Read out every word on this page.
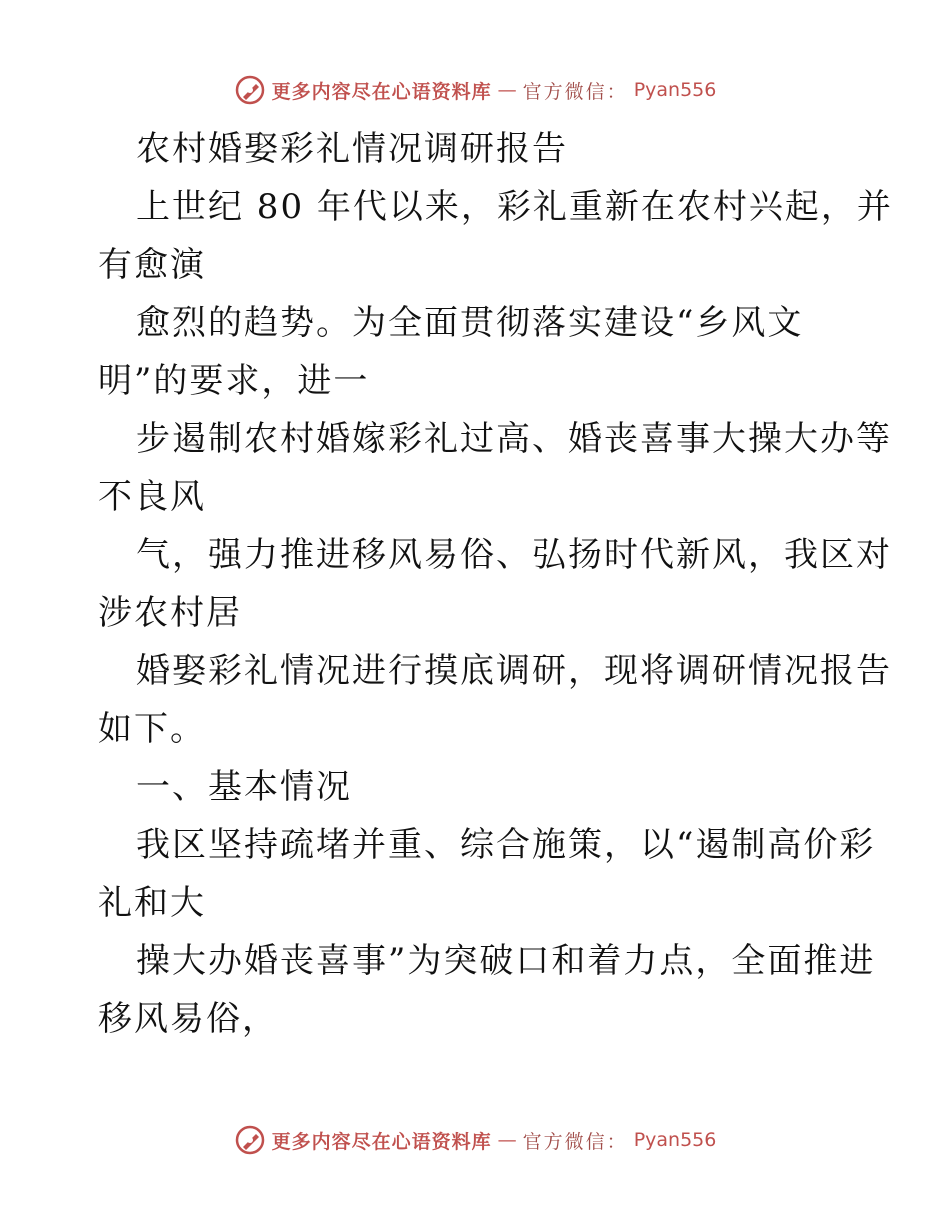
更多内容尽在心语资料库 — 官方微信： Pyan556
农村婚娶彩礼情况调研报告
上世纪 80 年代以来，彩礼重新在农村兴起，并
有愈演
愈烈的趋势。为全面贯彻落实建设“乡风文
明”的要求，进一
步遏制农村婚嫁彩礼过高、婚丧喜事大操大办等
不良风
气，强力推进移风易俗、弘扬时代新风，我区对
涉农村居
婚娶彩礼情况进行摸底调研，现将调研情况报告
如下。
一、基本情况
我区坚持疏堵并重、综合施策，以“遏制高价彩
礼和大
操大办婚丧喜事”为突破口和着力点，全面推进
移风易俗，
更多内容尽在心语资料库 — 官方微信： Pyan556
